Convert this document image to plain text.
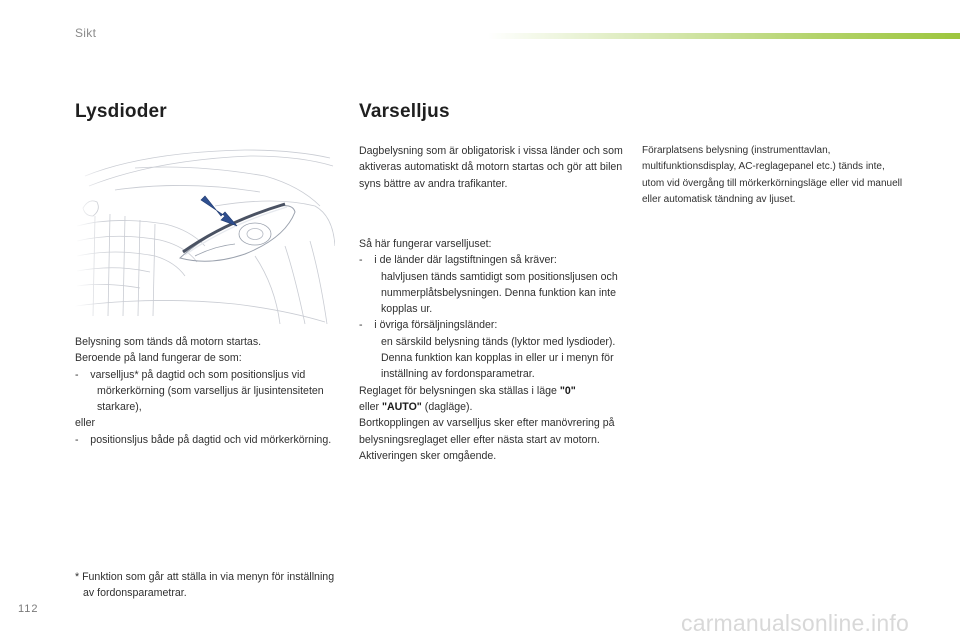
Sikt
Lysdioder	Varselljus

Belysning som tänds då motorn startas.

Beroende på land fungerar de som:

-    varselljus* på dagtid och som positionsljus vid mörkerkörning (som varselljus är ljusintensiteten starkare),

eller

-    positionsljus både på dagtid och vid mörkerkörning.

* Funktion som går att ställa in via menyn för inställning av fordonsparametrar.
Dagbelysning som är obligatorisk i vissa länder och som aktiveras automatiskt då motorn startas och gör att bilen syns bättre av andra trafikanter.

Så här fungerar varselljuset:

-    i de länder där lagstiftningen så kräver:

halvljusen tänds samtidigt som positionsljusen och nummerplåtsbelysningen. Denna funktion kan inte kopplas ur.

-    i övriga försäljningsländer:

en särskild belysning tänds (lyktor med lysdioder). Denna funktion kan kopplas in eller ur i menyn för inställning av fordonsparametrar.

Reglaget för belysningen ska ställas i läge "0"
eller "AUTO" (dagläge).

Bortkopplingen av varselljus sker efter manövrering på belysningsreglaget eller efter nästa start av motorn. Aktiveringen sker omgående.

Förarplatsens belysning (instrumenttavlan, multifunktionsdisplay, AC-reglagepanel etc.) tänds inte, utom vid övergång till mörkerkörningsläge eller vid manuell eller automatisk tändning av ljuset.
112
carmanualsonline.info
